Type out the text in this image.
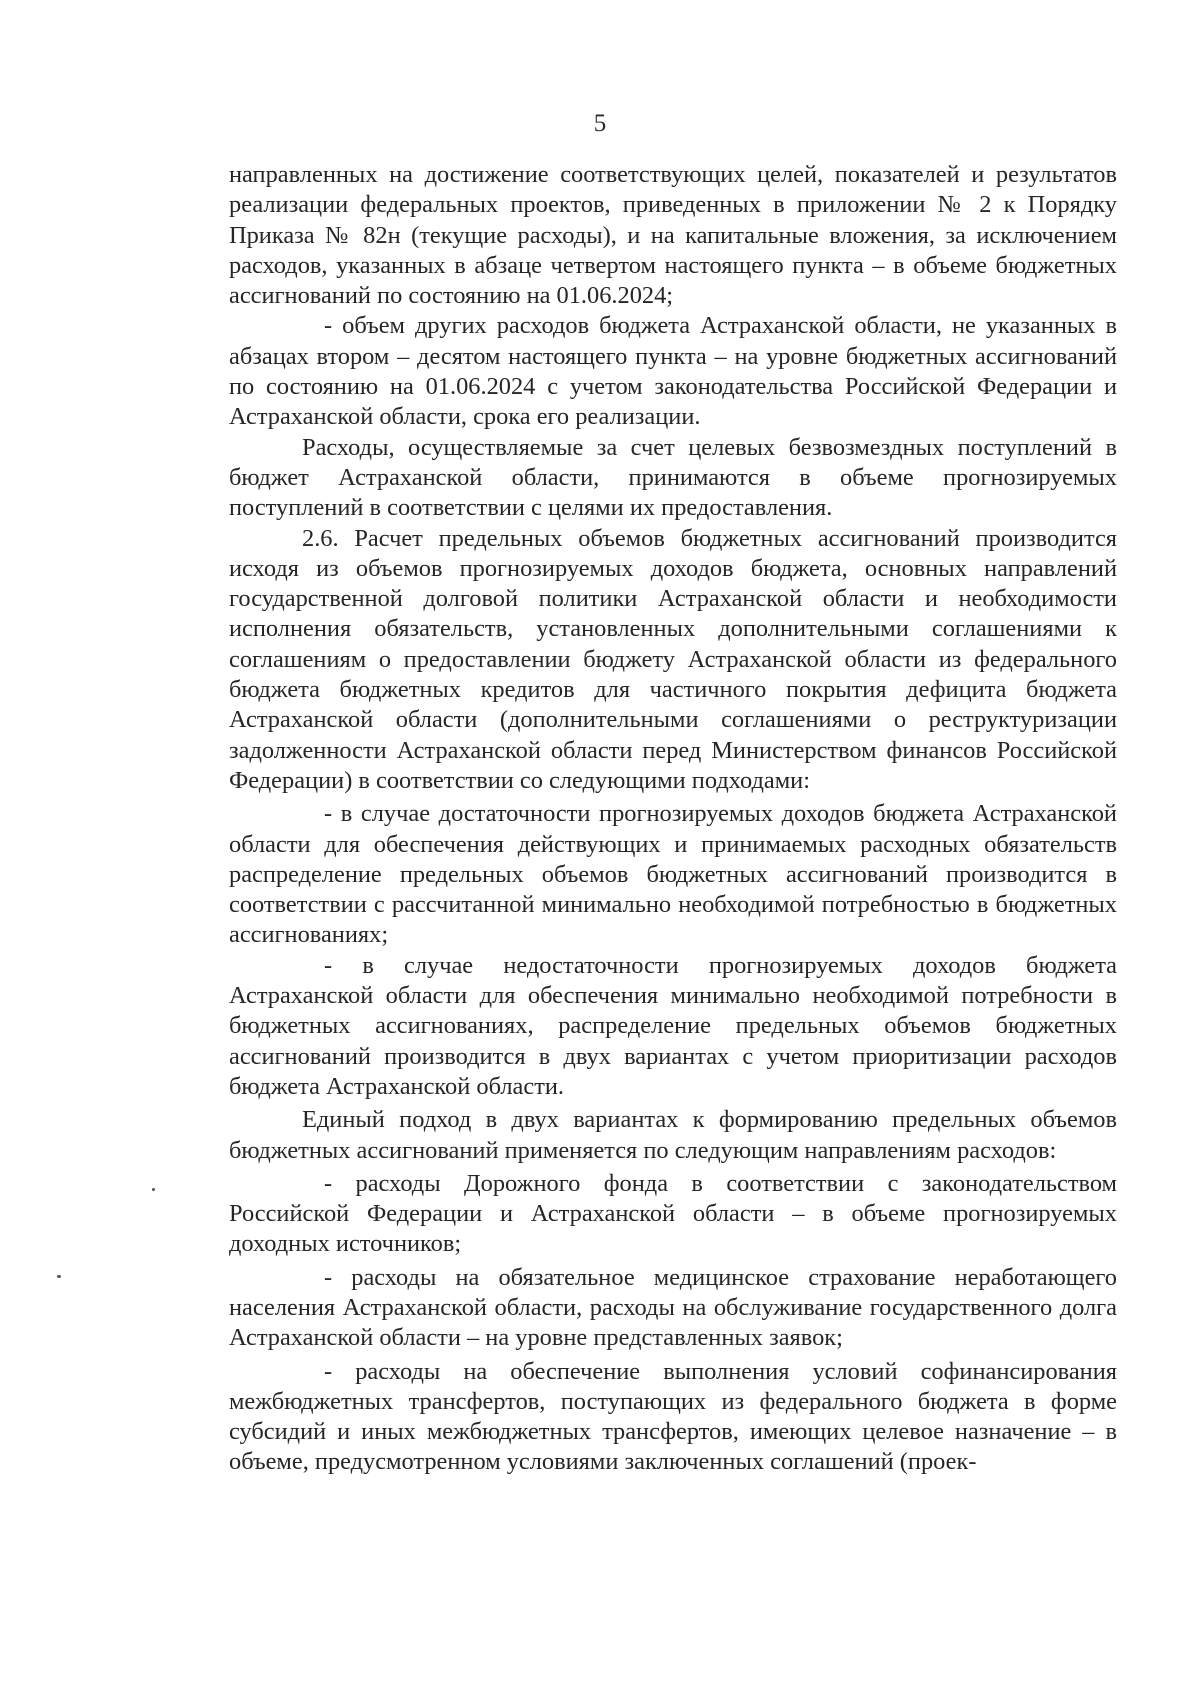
5

направленных на достижение соответствующих целей, показателей и результатов реализации федеральных проектов, приведенных в приложении № 2 к Порядку Приказа № 82н (текущие расходы), и на капитальные вложения, за исключением расходов, указанных в абзаце четвертом настоящего пункта – в объеме бюджетных ассигнований по состоянию на 01.06.2024;

- объем других расходов бюджета Астраханской области, не указанных в абзацах втором – десятом настоящего пункта – на уровне бюджетных ассигнований по состоянию на 01.06.2024 с учетом законодательства Российской Федерации и Астраханской области, срока его реализации.

Расходы, осуществляемые за счет целевых безвозмездных поступлений в бюджет Астраханской области, принимаются в объеме прогнозируемых поступлений в соответствии с целями их предоставления.

2.6. Расчет предельных объемов бюджетных ассигнований производится исходя из объемов прогнозируемых доходов бюджета, основных направлений государственной долговой политики Астраханской области и необходимости исполнения обязательств, установленных дополнительными соглашениями к соглашениям о предоставлении бюджету Астраханской области из федерального бюджета бюджетных кредитов для частичного покрытия дефицита бюджета Астраханской области (дополнительными соглашениями о реструктуризации задолженности Астраханской области перед Министерством финансов Российской Федерации) в соответствии со следующими подходами:

- в случае достаточности прогнозируемых доходов бюджета Астраханской области для обеспечения действующих и принимаемых расходных обязательств распределение предельных объемов бюджетных ассигнований производится в соответствии с рассчитанной минимально необходимой потребностью в бюджетных ассигнованиях;

- в случае недостаточности прогнозируемых доходов бюджета Астраханской области для обеспечения минимально необходимой потребности в бюджетных ассигнованиях, распределение предельных объемов бюджетных ассигнований производится в двух вариантах с учетом приоритизации расходов бюджета Астраханской области.

Единый подход в двух вариантах к формированию предельных объемов бюджетных ассигнований применяется по следующим направлениям расходов:

- расходы Дорожного фонда в соответствии с законодательством Российской Федерации и Астраханской области – в объеме прогнозируемых доходных источников;

- расходы на обязательное медицинское страхование неработающего населения Астраханской области, расходы на обслуживание государственного долга Астраханской области – на уровне представленных заявок;

- расходы на обеспечение выполнения условий софинансирования межбюджетных трансфертов, поступающих из федерального бюджета в форме субсидий и иных межбюджетных трансфертов, имеющих целевое назначение – в объеме, предусмотренном условиями заключенных соглашений (проек-
